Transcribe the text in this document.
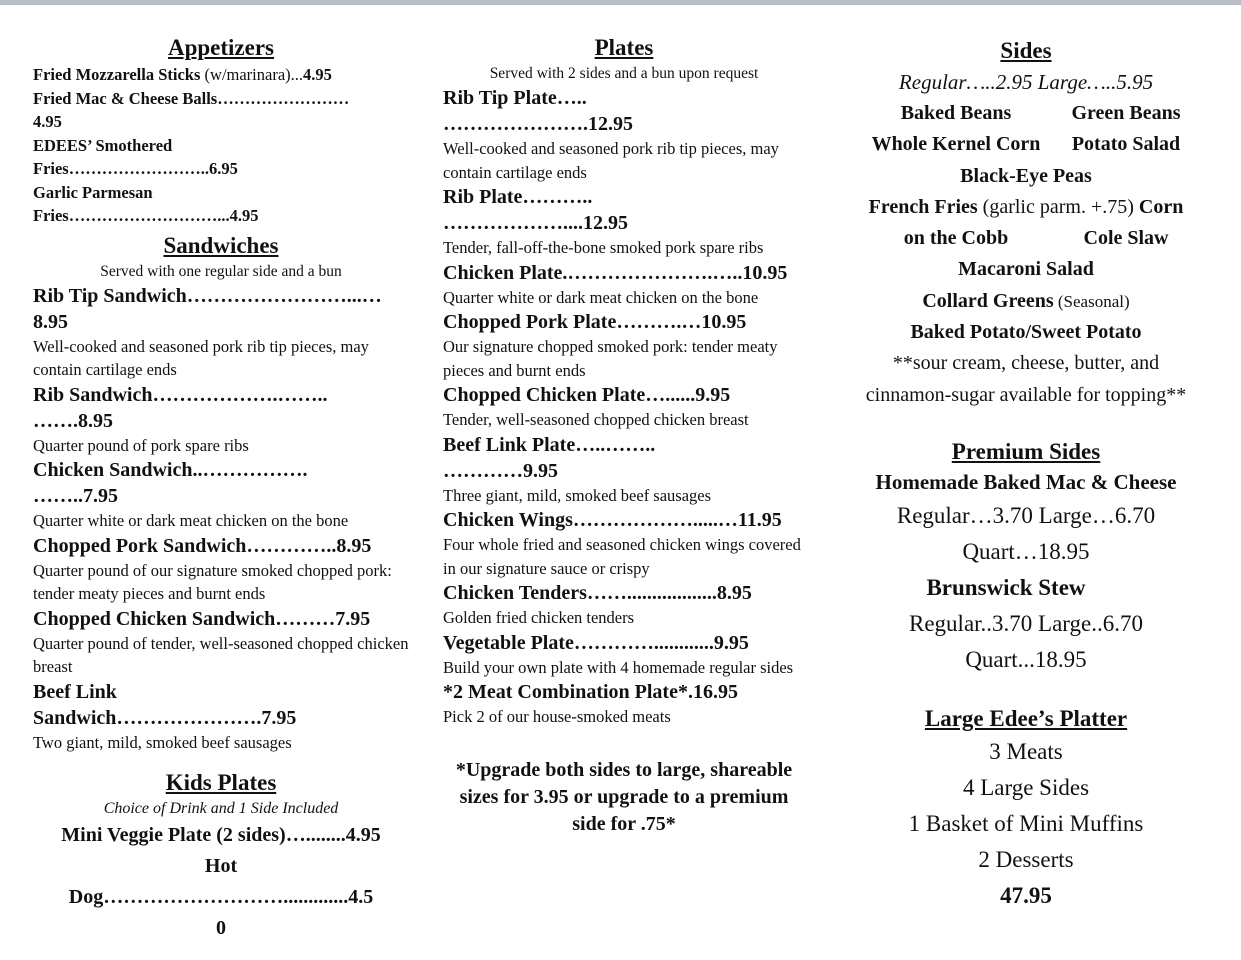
Appetizers
Fried Mozzarella Sticks (w/marinara)...4.95
Fried Mac & Cheese Balls……………………
4.95
EDEES’ Smothered
Fries……………………..6.95
Garlic Parmesan
Fries………………………...4.95
Sandwiches
Served with one regular side and a bun
Rib Tip Sandwich……………………...…
8.95
Well-cooked and seasoned pork rib tip pieces, may contain cartilage ends
Rib Sandwich……………….……..
…….8.95
Quarter pound of pork spare ribs
Chicken Sandwich..…………….
……..7.95
Quarter white or dark meat chicken on the bone
Chopped Pork Sandwich…………..8.95
Quarter pound of our signature smoked chopped pork: tender meaty pieces and burnt ends
Chopped Chicken Sandwich………7.95
Quarter pound of tender, well-seasoned chopped chicken breast
Beef Link
Sandwich………………….7.95
Two giant, mild, smoked beef sausages
Kids Plates
Choice of Drink and 1 Side Included
Mini Veggie Plate (2 sides)…........4.95
Hot
Dog……………………….............4.5
0
Plates
Served with 2 sides and a bun upon request
Rib Tip Plate…..
………………….12.95
Well-cooked and seasoned pork rib tip pieces, may contain cartilage ends
Rib Plate………..
………………....12.95
Tender, fall-off-the-bone smoked pork spare ribs
Chicken Plate.………………….…..10.95
Quarter white or dark meat chicken on the bone
Chopped Pork Plate……….…10.95
Our signature chopped smoked pork: tender meaty pieces and burnt ends
Chopped Chicken Plate…......9.95
Tender, well-seasoned chopped chicken breast
Beef Link Plate…..……..
…………9.95
Three giant, mild, smoked beef sausages
Chicken Wings……………….....…11.95
Four whole fried and seasoned chicken wings covered in our signature sauce or crispy
Chicken Tenders……..................8.95
Golden fried chicken tenders
Vegetable Plate…………............9.95
Build your own plate with 4 homemade regular sides
*2 Meat Combination Plate*.16.95
Pick 2 of our house-smoked meats
*Upgrade both sides to large, shareable sizes for 3.95 or upgrade to a premium side for .75*
Sides
Regular…..2.95 Large…..5.95
Baked Beans	Green Beans
Whole Kernel Corn	Potato Salad
Black-Eye Peas
French Fries (garlic parm. +.75) Corn
on the Cobb	Cole Slaw
Macaroni Salad
Collard Greens (Seasonal)
Baked Potato/Sweet Potato
**sour cream, cheese, butter, and
cinnamon-sugar available for topping**
Premium Sides
Homemade Baked Mac & Cheese
Regular…3.70 Large…6.70
Quart…18.95
Brunswick Stew
Regular..3.70 Large..6.70
Quart...18.95
Large Edee’s Platter
3 Meats
4 Large Sides
1 Basket of Mini Muffins
2 Desserts
47.95
